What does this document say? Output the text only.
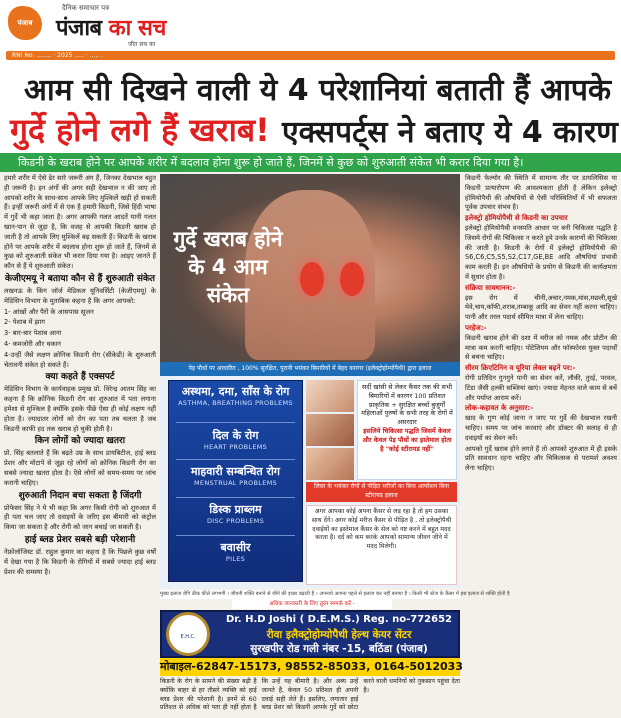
पंजाब
दैनिक समाचार पत्र
पंजाब का सच
जीत सच का
RNI No. ........ · 2025 ..... · ..... .
आम सी दिखने वाली ये 4 परेशानियां बताती हैं आपके
गुर्दे होने लगे हैं खराब! एक्सपर्ट्स ने बताए ये 4 कारण
किडनी के खराब होने पर आपके शरीर में बदलाव होना शुरू हो जाते हैं, जिनमें से कुछ को शुरुआती संकेत भी करार दिया गया है।

हमारे शरीर में ऐसे ढेर सारे जरूरी अंग हैं, जिनका देखभाल बहुत ही जरूरी है। इन अंगों की अगर सही देखभाल न की जाए तो आपको शरीर के साथ-साथ आपके लिए मुश्किलें खड़ी हो सकती हैं। इन्हीं जरूरी अंगों में से एक है हमारी किडनी, जिसे हिंदी भाषा में गुर्दे भी कहा जाता है। अगर आपकी गलत आदतें यानी गलत खान-पान से जुड़ा है, कि वजह से आपकी किडनी खराब हो जाती है तो आपके लिए मुश्किलें बढ़ सकती हैं। किडनी के खराब होने पर आपके शरीर में बदलाव होना शुरू हो जाते हैं, जिनमें से कुछ को शुरुआती संकेत भी करार दिया गया है। आइए जानते हैं कौन से हैं ये शुरुआती संकेत।

केजीएमयू ने बताया कौन से हैं शुरुआती संकेत

लखनऊ के किंग जॉर्ज मेडिकल यूनिवर्सिटी (केजीएमयू) के मेडिसिन विभाग के मुताबिक कहना है कि अगर आपको:

1- आंखों और पैरों के आसपास सूजन

2- पेशाब में झाग

3- बार-बार पेशाब आना

4- कमजोरी और थकान

4-उन्हीं जैसे लक्षण क्रोनिक किडनी रोग (सीकेडी) के शुरुआती चेतावनी संकेत हो सकते हैं।

क्या कहते हैं एक्सपर्ट

मेडिसिन विभाग के कार्यवाहक प्रमुख प्रो. विरेन्द्र आतम सिंह का कहना है कि क्रोनिक किडनी रोग का शुरुआत में पता लगाना हमेशा से मुश्किल है क्योंकि इसके पीछे ऐसा ही कोई लक्षण नहीं होता है। ज्यादातर लोगों को रोग का पता तब चलता है जब किडनी काफी हद तक खराब हो चुकी होती है।

किन लोगों को ज्यादा खतरा

प्रो. सिंह बतलाते हैं कि बढ़ते उम्र के साथ डायबिटीज, हाई ब्लड प्रेशर और मोटापे से जूझ रहे लोगों को क्रोनिक किडनी रोग का सबसे ज्यादा खतरा होता है। ऐसे लोगों को समय-समय पर जांच करानी चाहिए।

शुरुआती निदान बचा सकता है जिंदगी

प्रोफेसर सिंह ने ये भी कहा कि अगर किसी रोगी को शुरुआत में ही पता चल जाए तो दवाइयों के जरिए इस बीमारी को कंट्रोल किया जा सकता है और रोगी को जान बचाई जा सकती है।

हाई ब्लड प्रेशर सबसे बड़ी परेशानी

नेफ्रोलॉजिस्ट डॉ. राहुल कुमार का कहना है कि पिछले कुछ वर्षों में देखा गया है कि किडनी के रोगियों में सबसे ज्यादा हाई ब्लड प्रेशर की समस्या है।

गुर्दे खराब होने के 4 आम संकेत
पेड़ पौधों पर आधारित , 100% सुरक्षित, पुरानी भयंकर बिमारियों में बेहद कारगर (इलेक्ट्रोहोम्योपैथी) द्वारा इलाज
अस्थमा, दमा, साँस के रोग
ASTHMA, BREATHING PROBLEMS
दिल के रोग
HEART PROBLEMS
माहवारी सम्बन्धित रोग
MENSTRUAL PROBLEMS
डिस्क प्राब्लम
DISC PROBLEMS
बवासीर
PILES
सर्दी खांसी से लेकर कैंसर तक की सभी बिमारियों में कारगर 100 प्रतिशत प्राकृतिक + सुरक्षित बच्चों बुजुर्गों महिलाओं पुरुषों के सभी तरह के रोगों में असरदार
इसलिये चिकित्सा पद्धति जिसमें केवल और केवल पेड़ पौधों का इस्तेमाल होता है "कोई स्टीरायड नहीं"
लिवर के भयंकर रोगों से पीड़ित मरीजों का बिना आपरेशन बिना स्टीरायड इलाज
अगर आपका कोई अपना कैंसर से लड़ रहा है तो हम उसका साथ देंगे। अगर कोई मरीज कैंसर से पीड़ित है , तो इलेक्ट्रोपैथी दवाईयों का इस्तेमाल कैंसर के सेल को नष्ट करने में बहुत मदद करता है। दर्द को कम करके आपको सामान्य जीवन जीने में मदद मिलेगी।
मुख्य इलाज रोगि ठीक कीले लगभगी । जीवनी शक्ति बनाने से जीने की इच्छा बढ़ाती है । अपनाये आपना पहले से इलाज कर नहीं बनाया है । किसी भी स्टेज के कैंसर में इस इलाज से शक्ति होती है
अधिक जानकारी के लिए तुरंत सम्पर्क करें -
E.H.C.
Dr. H.D Joshi ( D.E.M.S.) Reg. no-772652
रीवा इलैक्ट्रोहोम्योपैथी हेल्थ केयर सेंटर
सुरखपीर रोड गली नंबर -15, बठिंडा (पंजाब)
मोबाइल-62847-15173, 98552-85033, 0164-5012033
किडनी के रोग के सामने की संख्या बढ़ी है क्योंकि बाहर से हर तीसरे व्यक्ति को हाई ब्लड प्रेशर की परेशानी है। इनमें से 60 प्रतिशत से अधिक को पता ही नहीं होता है कि उन्हें यह बीमारी है। और अब्य उन्हें जानते हैं, केवल 50 प्रतिशत ही अपनी दवाई सही लेते हैं। इसलिए, लगातार हाई ब्लड प्रेशर को किडनी आपके गुर्दे को छोटा करने वाली धमनियों को नुकसान पहुंचा देता है।

किडनी फेल्योर की स्थिति में सामान्य तौर पर डायलिसिस या किडनी प्रत्यारोपण की आवश्यकता होती है लेकिन इलेक्ट्रो होमियोपैथी की औषधियों से ऐसी परिस्थितियों में भी सफलता पूर्वक उपचार संभव है।

इलेक्ट्रो होमियोपैथी से किडनी का उपचार

इलेक्ट्रो होमियोपैथी वनस्पति आधार पर बनी चिकित्सा पद्धति है जिसमे रोगों की चिकित्सा न करते हुये उनके कारणों की चिकित्सा की जाती है। किडनी के रोगों में इलेक्ट्रो होमियोपैथी की S6,C6,C5,S5,S2,C17,GE,BE आदि औषधियां प्रभावी काम करती हैं। इन औषधियों के प्रयोग से किडनी की कार्यक्षमता में सुधार होता है।

संक्रिया सावधानन:-

इस रोग में चीनी,अचार,नमक,मांस,मछली,सूखे मेवे,चाय,कॉफी,शराब,तम्बाकू आदि का सेवन नहीं करना चाहिए। पानी और तरल पदार्थ सीमित मात्रा में लेना चाहिए।

परहेज:-

किडनी खराब होने की दशा में मरीज को नमक और प्रोटीन की मात्रा कम करनी चाहिए। पोटेशियम और फॉस्फोरस युक्त पदार्थों से बचना चाहिए।

सीरम क्रिएटिनिन व यूरिया लेवल बढ़ने पर:-

रोगी प्रतिदिन गुनगुने पानी का सेवन करें, लौकी, तुरई, परवल, टिंडा जैसी हल्की सब्जियां खाएं। ज्यादा मेहनत वाले काम से बचें और पर्याप्त आराम करें।

लोक-कहावत के अनुसार:-

खाद के गुण कोई जाना न जाए पर गुर्दे की देखभाल रखनी चाहिए। समय पर जांच करवाएं और डॉक्टर की सलाह से ही दवाइयों का सेवन करें।

आपको गुर्दे खराब होने लगते हैं तो आपको शुरुआत में ही इसके प्रति सावधान रहना चाहिए और चिकित्सक से परामर्श अवश्य लेना चाहिए।
